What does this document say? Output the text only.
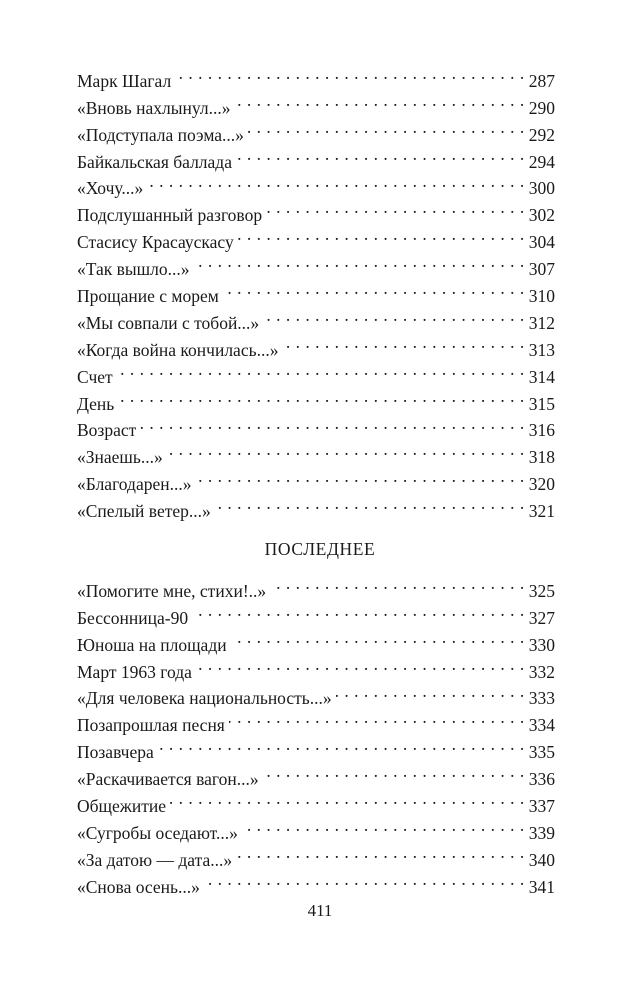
Марк Шагал . . .	287
«Вновь нахлынул...» . . .	290
«Подступала поэма...» . . .	292
Байкальская баллада . . .	294
«Хочу...» . . .	300
Подслушанный разговор . . .	302
Стасису Красаускасу . . .	304
«Так вышло...» . . .	307
Прощание с морем . . .	310
«Мы совпали с тобой...» . . .	312
«Когда война кончилась...» . . .	313
Счет . . .	314
День . . .	315
Возраст . . .	316
«Знаешь...» . . .	318
«Благодарен...» . . .	320
«Спелый ветер...» . . .	321
ПОСЛЕДНЕЕ
«Помогите мне, стихи!..» . . .	325
Бессонница-90 . . .	327
Юноша на площади . . .	330
Март 1963 года . . .	332
«Для человека национальность...» . . .	333
Позапрошлая песня . . .	334
Позавчера . . .	335
«Раскачивается вагон...» . . .	336
Общежитие . . .	337
«Сугробы оседают...» . . .	339
«За датою — дата...» . . .	340
«Снова осень...» . . .	341
411
